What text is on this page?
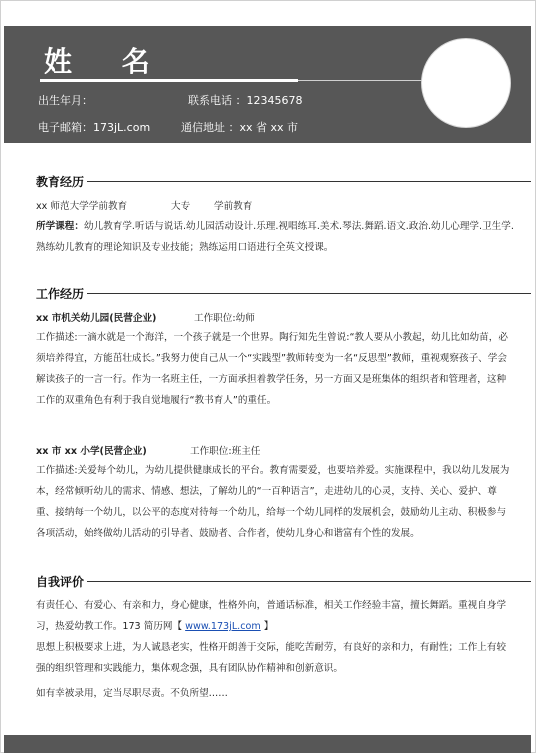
姓 名
出生年月：	联系电话 ：12345678
电子邮箱：173jL.com	通信地址 ：xx 省 xx 市
教育经历
xx 师范大学学前教育	大专 学前教育
所学课程：幼儿教育学.听话与说话.幼儿园活动设计.乐理.视唱练耳.美术.琴法.舞蹈.语文.政治.幼儿心理学.卫生学.熟练幼儿教育的理论知识及专业技能；熟练运用口语进行全英文授课。
工作经历
xx 市机关幼儿园(民营企业)	工作职位:幼师
工作描述:一滴水就是一个海洋，一个孩子就是一个世界。陶行知先生曾说:“教人要从小教起，幼儿比如幼苗，必须培养得宜，方能茁壮成长。”我努力使自己从一个“实践型”教师转变为一名“反思型”教师，重视观察孩子、学会解读孩子的一言一行。作为一名班主任，一方面承担着教学任务，另一方面又是班集体的组织者和管理者，这种工作的双重角色有利于我自觉地履行“教书育人”的重任。
xx 市 xx 小学(民营企业)	工作职位:班主任
工作描述:关爱每个幼儿，为幼儿提供健康成长的平台。教育需要爱，也要培养爱。实施课程中，我以幼儿发展为本，经常倾听幼儿的需求、情感、想法，了解幼儿的“一百种语言”，走进幼儿的心灵，支持、关心、爱护、尊重、接纳每一个幼儿，以公平的态度对待每一个幼儿，给每一个幼儿同样的发展机会，鼓励幼儿主动、积极参与各项活动，始终做幼儿活动的引导者、鼓励者、合作者，使幼儿身心和谐富有个性的发展。
自我评价
有责任心、有爱心、有亲和力，身心健康，性格外向，普通话标准，相关工作经验丰富，擅长舞蹈。重视自身学习，热爱幼教工作。173 简历网【 www.173jL.com 】
思想上积极要求上进，为人诚恳老实，性格开朗善于交际，能吃苦耐劳，有良好的亲和力，有耐性；工作上有较强的组织管理和实践能力，集体观念强，具有团队协作精神和创新意识。
如有幸被录用，定当尽职尽责。不负所望……
